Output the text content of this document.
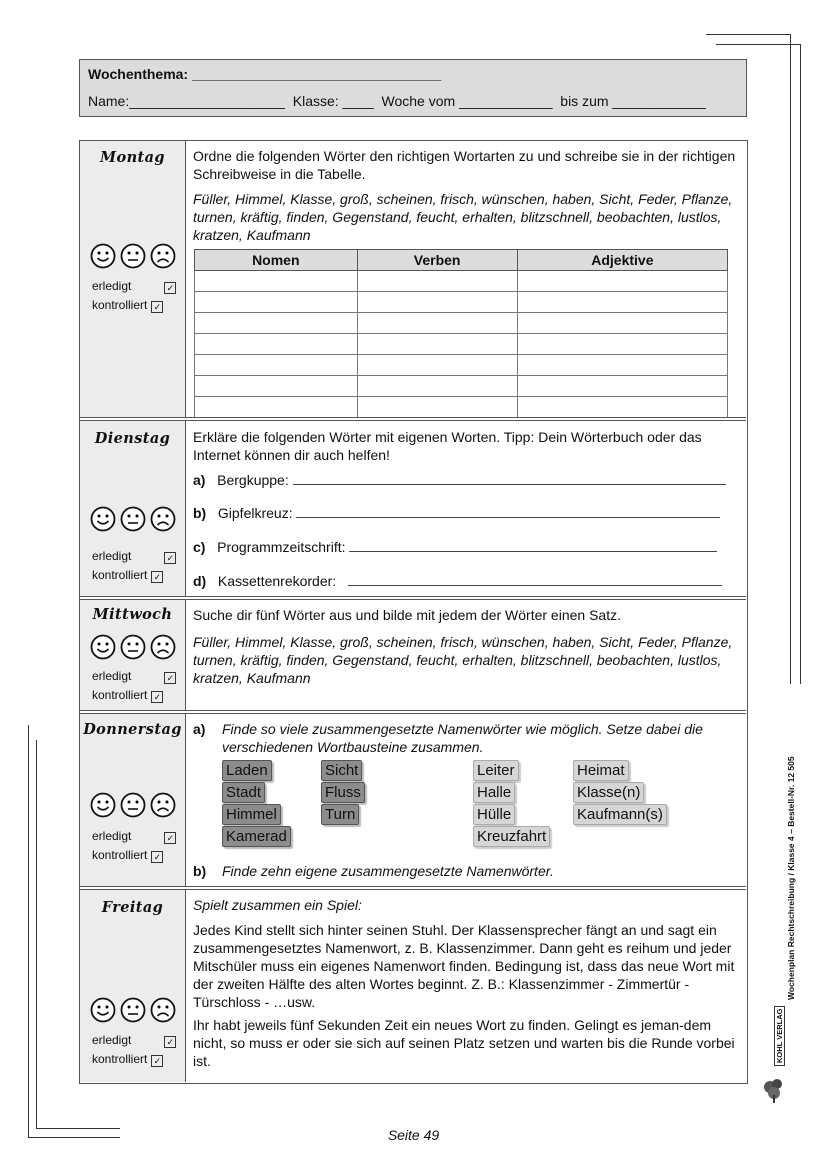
Wochenthema: ________________________________
Name:____________________ Klasse: ____ Woche vom ____________ bis zum ____________
Montag
erledigt	✓
kontrolliert ✓
Ordne die folgenden Wörter den richtigen Wortarten zu und schreibe sie in der richtigen Schreibweise in die Tabelle.
Füller, Himmel, Klasse, groß, scheinen, frisch, wünschen, haben, Sicht, Feder, Pflanze, turnen, kräftig, finden, Gegenstand, feucht, erhalten, blitzschnell, beobachten, lustlos, kratzen, Kaufmann
Nomen	Verben	Adjektive

Dienstag
erledigt	✓
kontrolliert ✓
Erkläre die folgenden Wörter mit eigenen Worten. Tipp: Dein Wörterbuch oder das Internet können dir auch helfen!
a) Bergkuppe:
b) Gipfelkreuz:
c) Programmzeitschrift:
d) Kassettenrekorder:
Mittwoch
erledigt	✓
kontrolliert ✓
Suche dir fünf Wörter aus und bilde mit jedem der Wörter einen Satz.
Füller, Himmel, Klasse, groß, scheinen, frisch, wünschen, haben, Sicht, Feder, Pflanze, turnen, kräftig, finden, Gegenstand, feucht, erhalten, blitzschnell, beobachten, lustlos, kratzen, Kaufmann
Donnerstag
erledigt	✓
kontrolliert ✓
a) Finde so viele zusammengesetzte Namenwörter wie möglich. Setze dabei die verschiedenen Wortbausteine zusammen.
Laden
Stadt
Himmel
Kamerad
Sicht
Fluss
Turn
Leiter
Halle
Hülle
Kreuzfahrt
Heimat
Klasse(n)
Kaufmann(s)
b) Finde zehn eigene zusammengesetzte Namenwörter.
Freitag
erledigt	✓
kontrolliert ✓
Spielt zusammen ein Spiel:
Jedes Kind stellt sich hinter seinen Stuhl. Der Klassensprecher fängt an und sagt ein zusammengesetztes Namenwort, z. B. Klassenzimmer. Dann geht es reihum und jeder Mitschüler muss ein eigenes Namenwort finden. Bedingung ist, dass das neue Wort mit der zweiten Hälfte des alten Wortes beginnt. Z. B.: Klassenzimmer - Zimmertür - Türschloss - …usw.
Ihr habt jeweils fünf Sekunden Zeit ein neues Wort zu finden. Gelingt es jeman-dem nicht, so muss er oder sie sich auf seinen Platz setzen und warten bis die Runde vorbei ist.
Wochenplan Rechtschreibung / Klasse 4 – Bestell-Nr. 12 505
KOHL VERLAG
Seite 49
